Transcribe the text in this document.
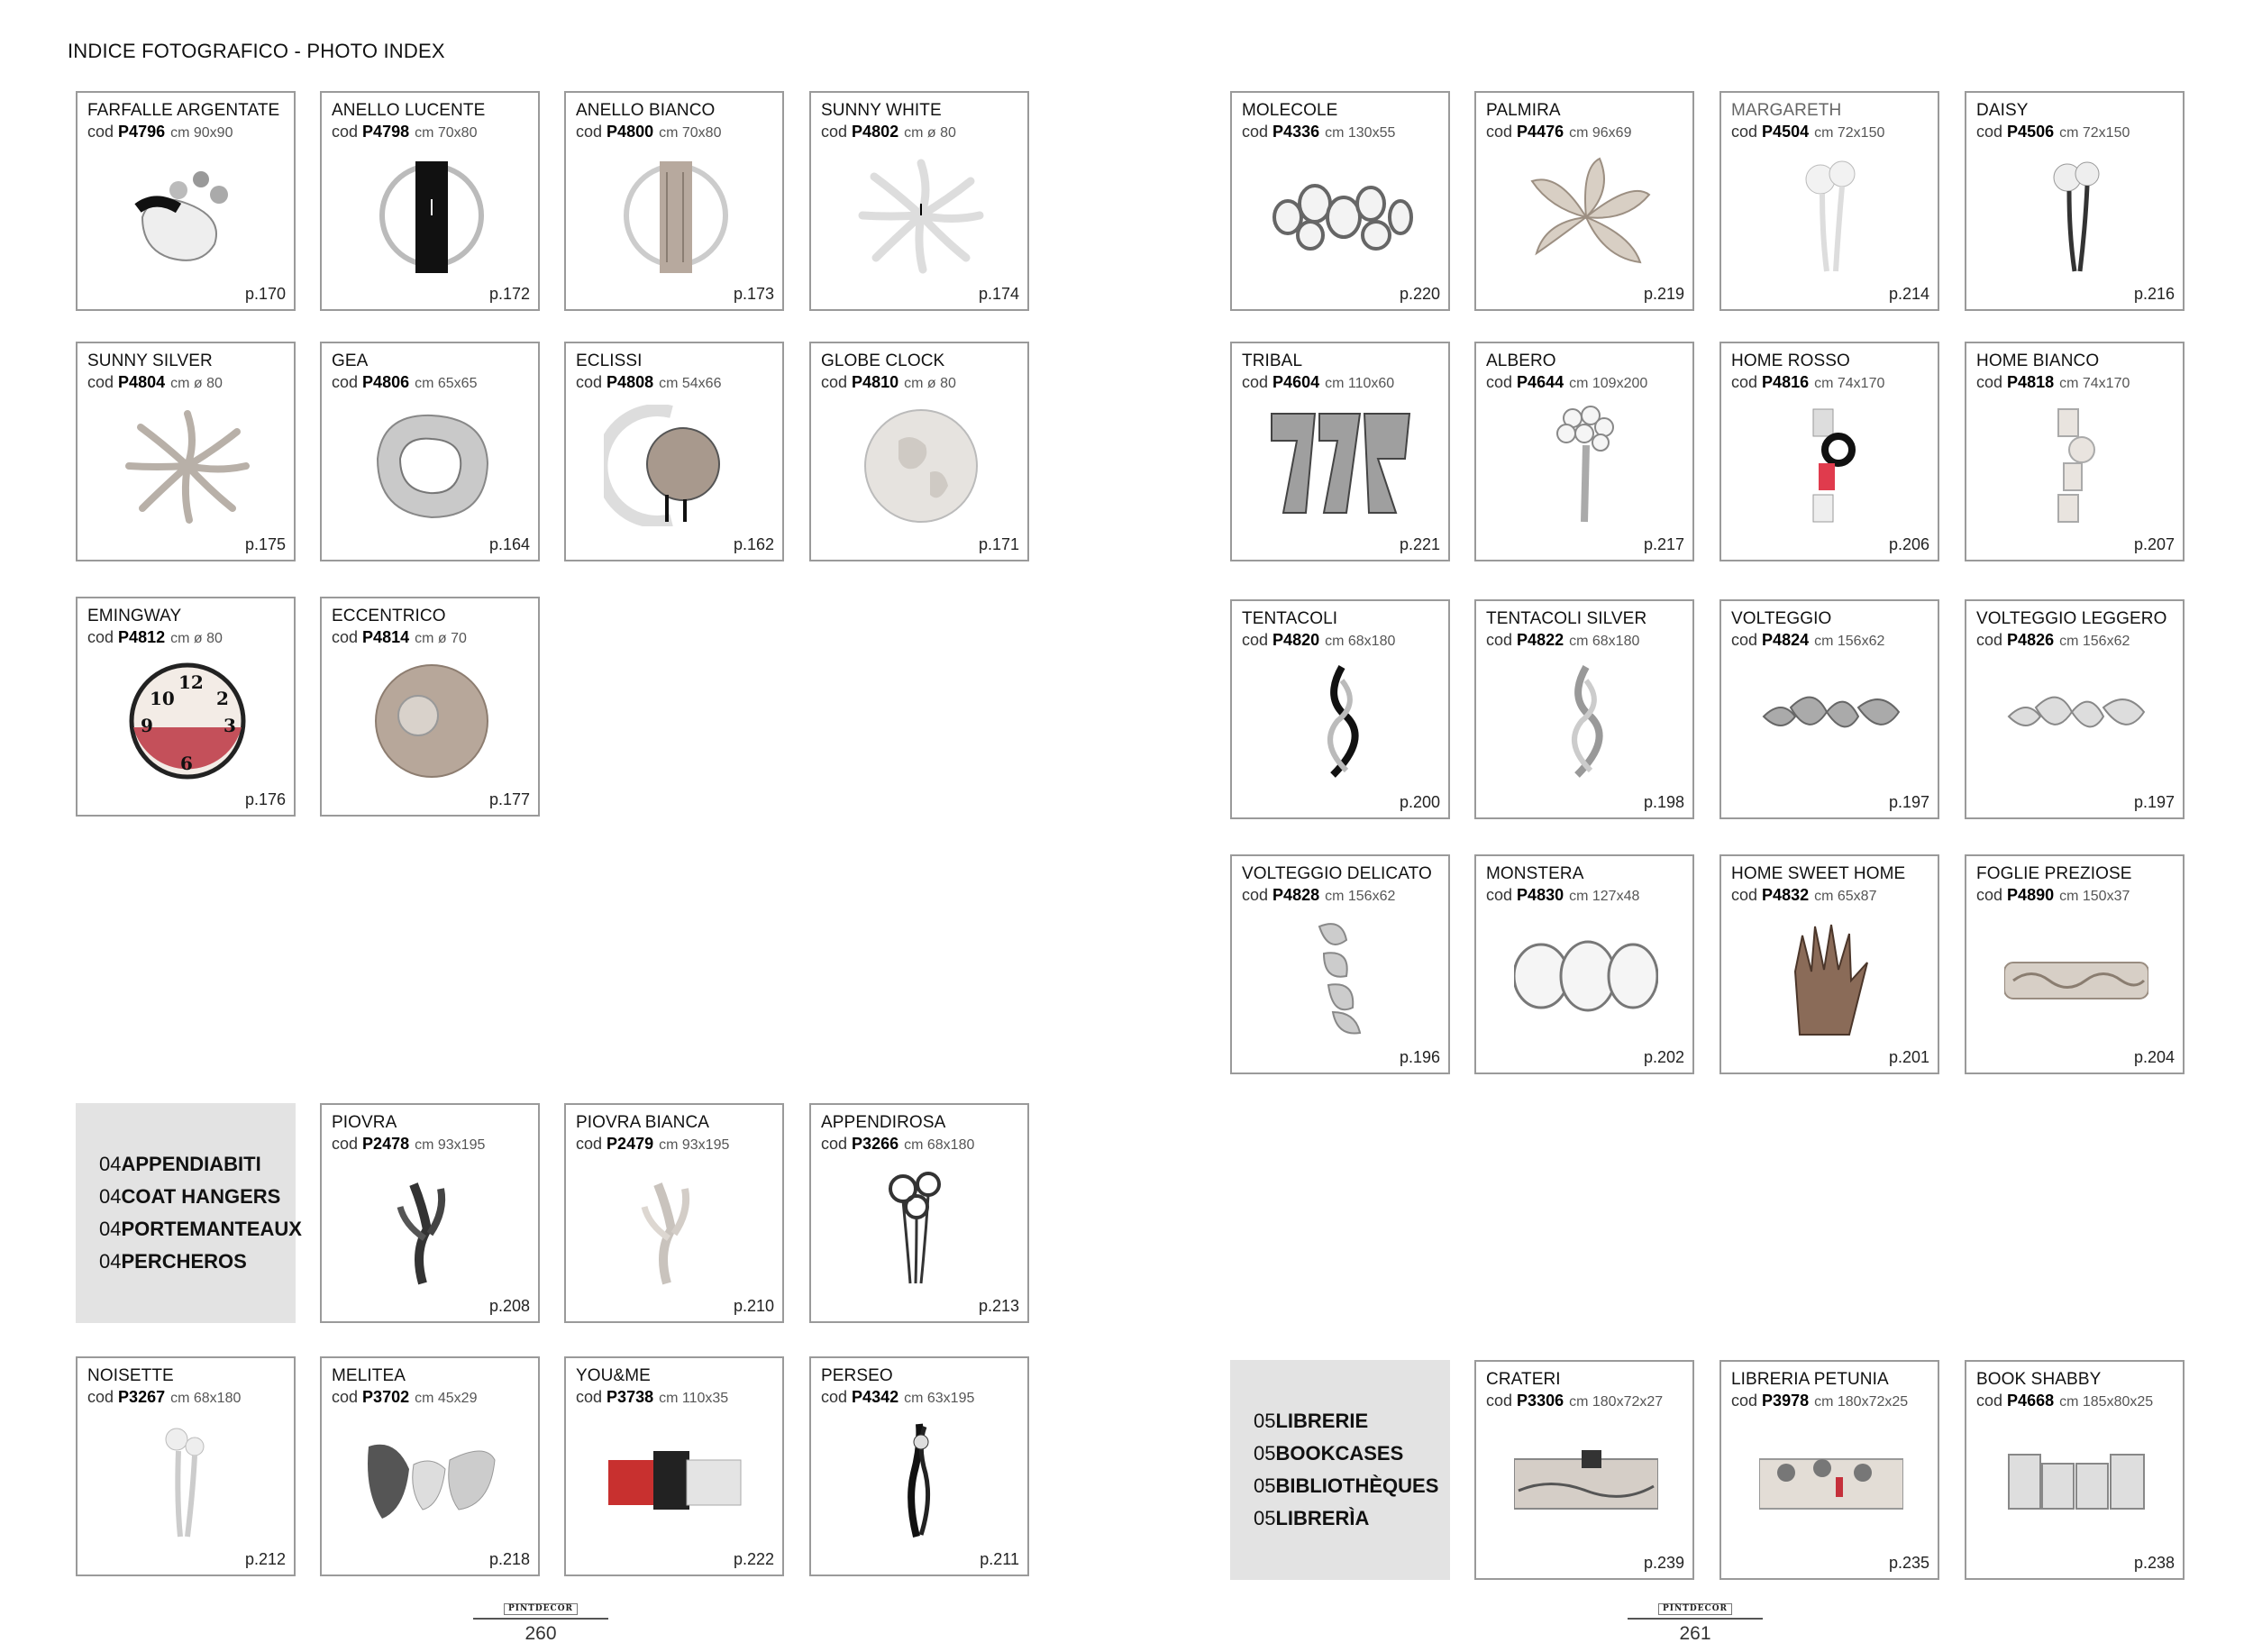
INDICE FOTOGRAFICO - PHOTO INDEX
FARFALLE ARGENTATE
cod P4796 cm 90x90
p.170
ANELLO LUCENTE
cod P4798 cm 70x80
p.172
ANELLO BIANCO
cod P4800 cm 70x80
p.173
SUNNY WHITE
cod P4802 cm ø 80
p.174
SUNNY SILVER
cod P4804 cm ø 80
p.175
GEA
cod P4806 cm 65x65
p.164
ECLISSI
cod P4808 cm 54x66
p.162
GLOBE CLOCK
cod P4810 cm ø 80
p.171
EMINGWAY
cod P4812 cm ø 80
12
10 2
3
9
6
p.176
ECCENTRICO
cod P4814 cm ø 70
p.177
04APPENDIABITI
04COAT HANGERS
04PORTEMANTEAUX
04PERCHEROS
PIOVRA
cod P2478 cm 93x195
p.208
PIOVRA BIANCA
cod P2479 cm 93x195
p.210
APPENDIROSA
cod P3266 cm 68x180
p.213
NOISETTE
cod P3267 cm 68x180
p.212
MELITEA
cod P3702 cm 45x29
p.218
YOU&ME
cod P3738 cm 110x35
p.222
PERSEO
cod P4342 cm 63x195
p.211
PINTDECOR
260
MOLECOLE
cod P4336 cm 130x55
p.220
PALMIRA
cod P4476 cm 96x69
p.219
MARGARETH
cod P4504 cm 72x150
p.214
DAISY
cod P4506 cm 72x150
p.216
TRIBAL
cod P4604 cm 110x60
p.221
ALBERO
cod P4644 cm 109x200
p.217
HOME ROSSO
cod P4816 cm 74x170
p.206
HOME BIANCO
cod P4818 cm 74x170
p.207
TENTACOLI
cod P4820 cm 68x180
p.200
TENTACOLI SILVER
cod P4822 cm 68x180
p.198
VOLTEGGIO
cod P4824 cm 156x62
p.197
VOLTEGGIO LEGGERO
cod P4826 cm 156x62
p.197
VOLTEGGIO DELICATO
cod P4828 cm 156x62
p.196
MONSTERA
cod P4830 cm 127x48
p.202
HOME SWEET HOME
cod P4832 cm 65x87
p.201
FOGLIE PREZIOSE
cod P4890 cm 150x37
p.204
05LIBRERIE
05BOOKCASES
05BIBLIOTHÈQUES
05LIBRERÌA
CRATERI
cod P3306 cm 180x72x27
p.239
LIBRERIA PETUNIA
cod P3978 cm 180x72x25
p.235
BOOK SHABBY
cod P4668 cm 185x80x25
p.238
PINTDECOR
261
